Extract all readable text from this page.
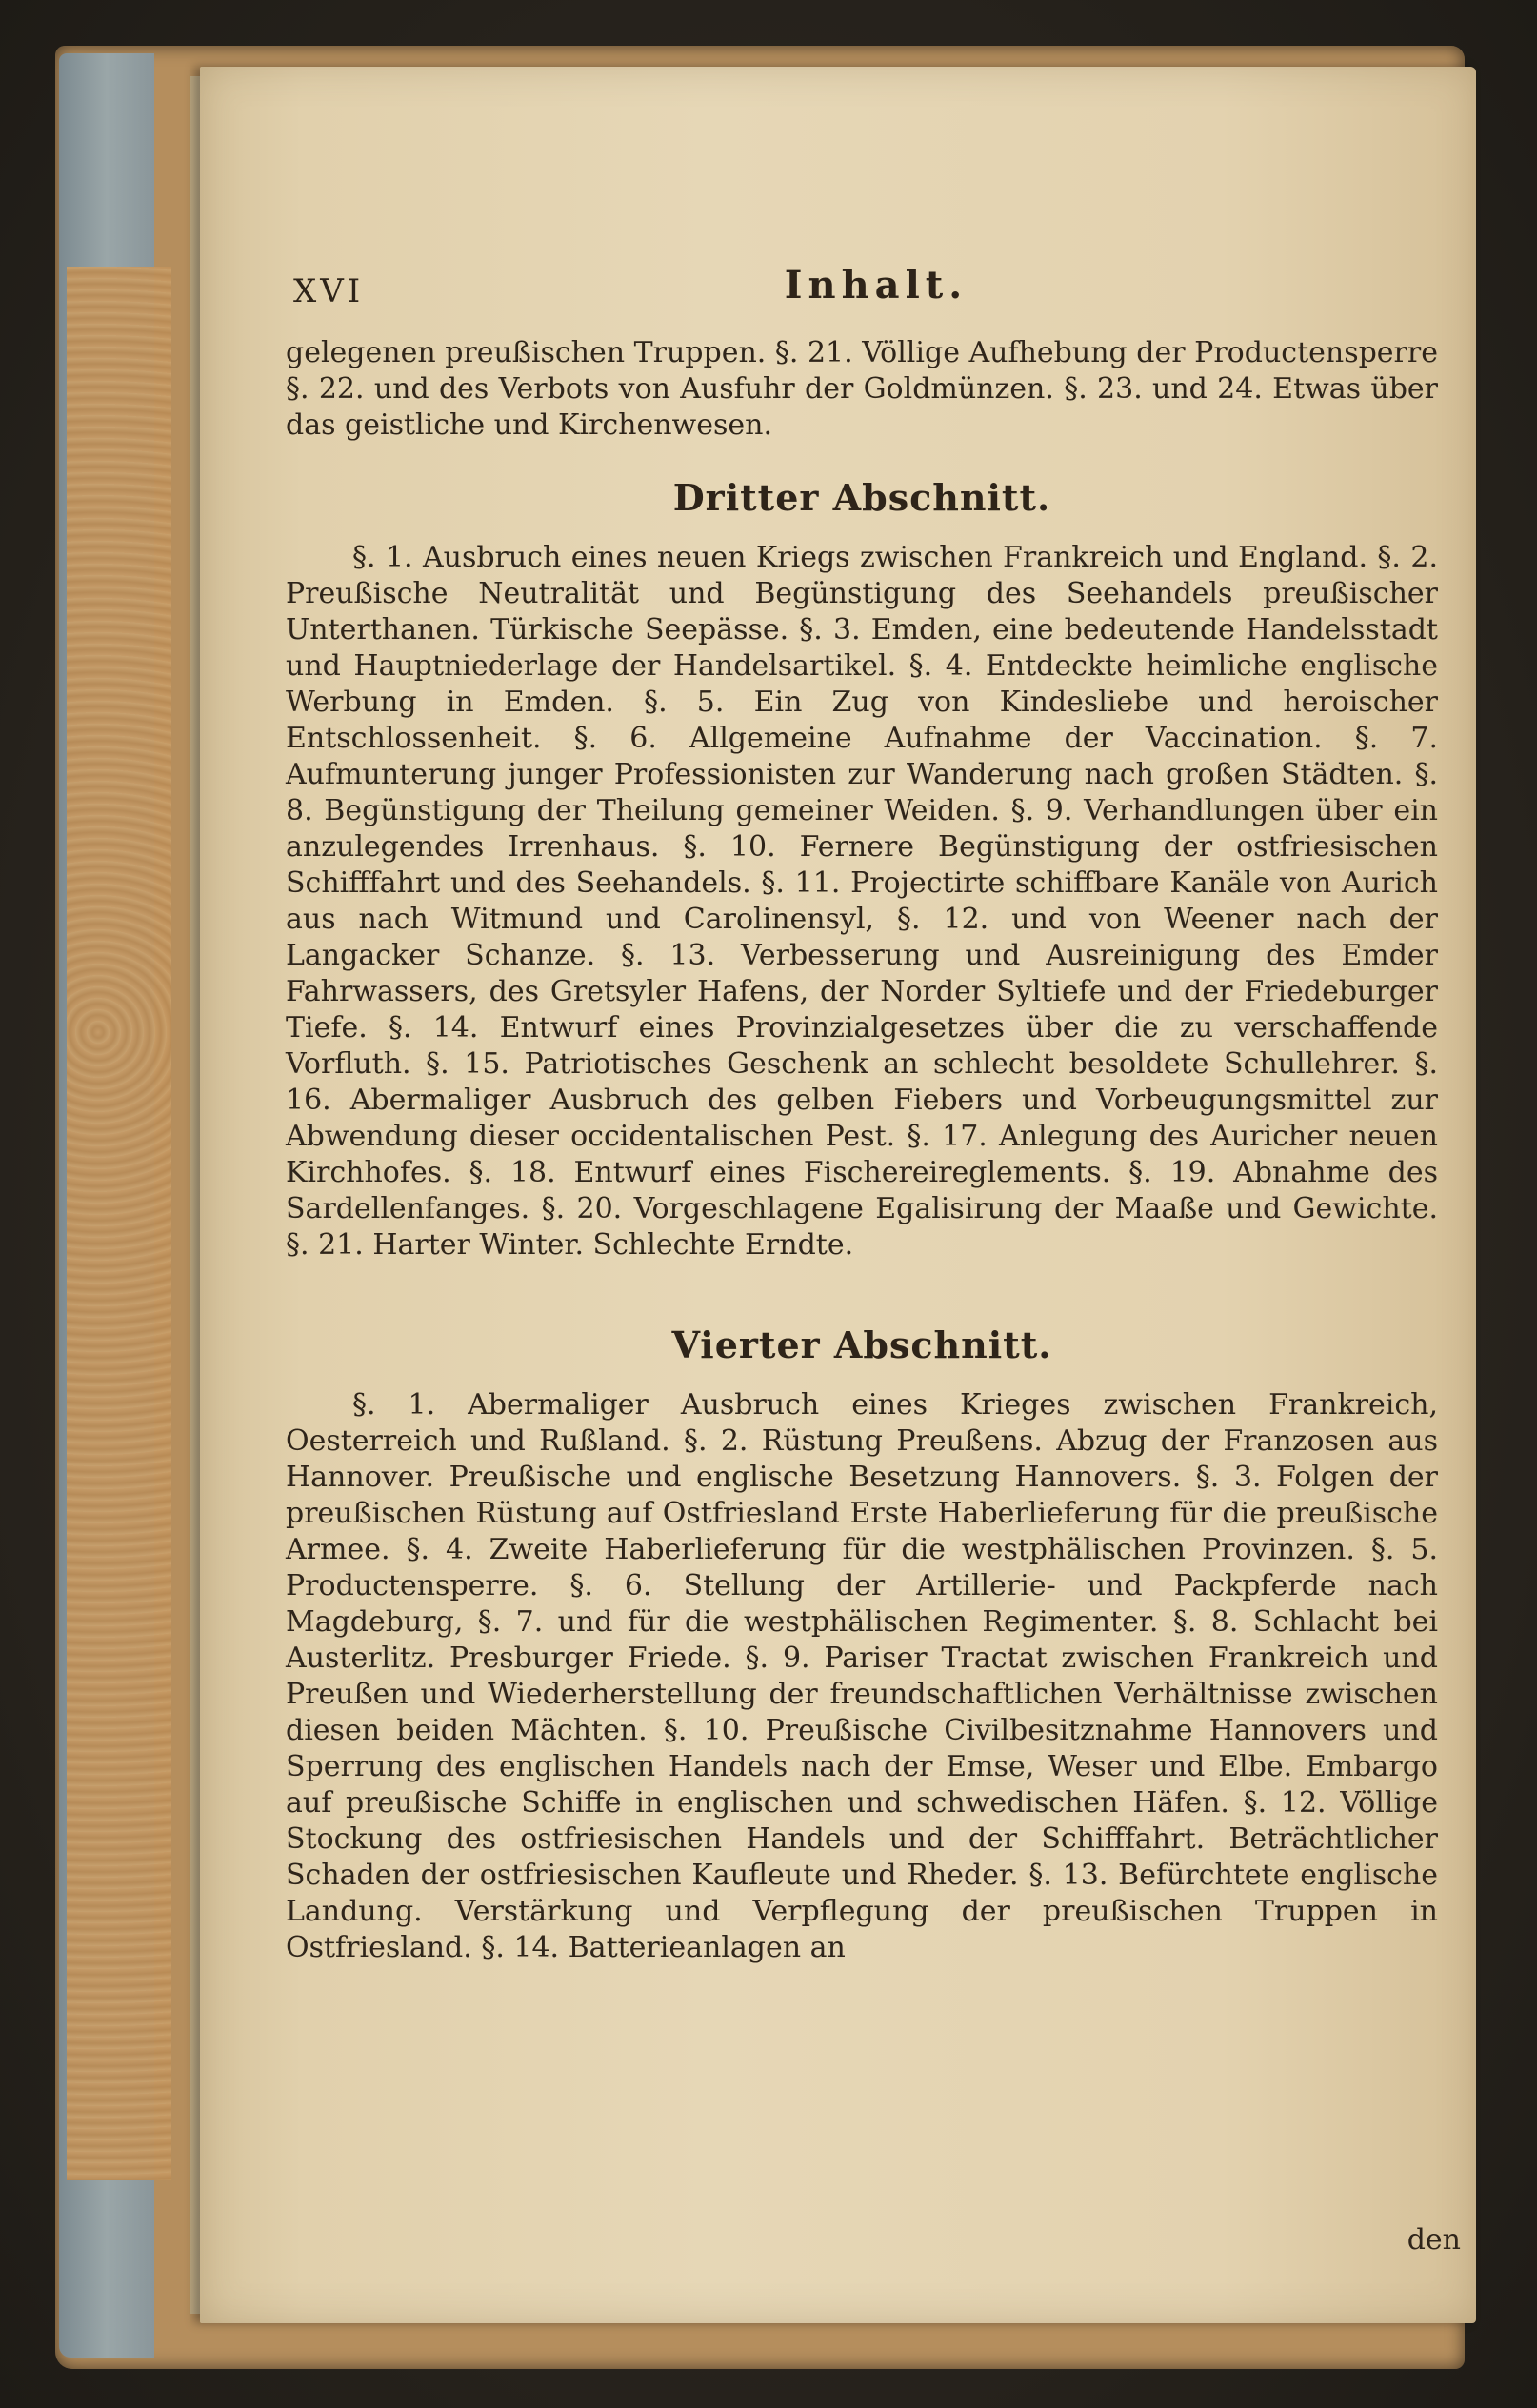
XVI	Inhalt.

gelegenen preußischen Truppen. §. 21. Völlige Aufhebung der Productensperre §. 22. und des Verbots von Ausfuhr der Goldmünzen. §. 23. und 24. Etwas über das geistliche und Kirchenwesen.

Dritter Abschnitt.

§. 1. Ausbruch eines neuen Kriegs zwischen Frankreich und England. §. 2. Preußische Neutralität und Begünstigung des Seehandels preußischer Unterthanen. Türkische Seepässe. §. 3. Emden, eine bedeutende Handelsstadt und Hauptniederlage der Handelsartikel. §. 4. Entdeckte heimliche englische Werbung in Emden. §. 5. Ein Zug von Kindesliebe und heroischer Entschlossenheit. §. 6. Allgemeine Aufnahme der Vaccination. §. 7. Aufmunterung junger Professionisten zur Wanderung nach großen Städten. §. 8. Begünstigung der Theilung gemeiner Weiden. §. 9. Verhandlungen über ein anzulegendes Irrenhaus. §. 10. Fernere Begünstigung der ostfriesischen Schifffahrt und des Seehandels. §. 11. Projectirte schiffbare Kanäle von Aurich aus nach Witmund und Carolinensyl, §. 12. und von Weener nach der Langacker Schanze. §. 13. Verbesserung und Ausreinigung des Emder Fahrwassers, des Gretsyler Hafens, der Norder Syltiefe und der Friedeburger Tiefe. §. 14. Entwurf eines Provinzialgesetzes über die zu verschaffende Vorfluth. §. 15. Patriotisches Geschenk an schlecht besoldete Schullehrer. §. 16. Abermaliger Ausbruch des gelben Fiebers und Vorbeugungsmittel zur Abwendung dieser occidentalischen Pest. §. 17. Anlegung des Auricher neuen Kirchhofes. §. 18. Entwurf eines Fischereireglements. §. 19. Abnahme des Sardellenfanges. §. 20. Vorgeschlagene Egalisirung der Maaße und Gewichte. §. 21. Harter Winter. Schlechte Erndte.

Vierter Abschnitt.

§. 1. Abermaliger Ausbruch eines Krieges zwischen Frankreich, Oesterreich und Rußland. §. 2. Rüstung Preußens. Abzug der Franzosen aus Hannover. Preußische und englische Besetzung Hannovers. §. 3. Folgen der preußischen Rüstung auf Ostfriesland Erste Haberlieferung für die preußische Armee. §. 4. Zweite Haberlieferung für die westphälischen Provinzen. §. 5. Productensperre. §. 6. Stellung der Artillerie- und Packpferde nach Magdeburg, §. 7. und für die westphälischen Regimenter. §. 8. Schlacht bei Austerlitz. Presburger Friede. §. 9. Pariser Tractat zwischen Frankreich und Preußen und Wiederherstellung der freundschaftlichen Verhältnisse zwischen diesen beiden Mächten. §. 10. Preußische Civilbesitznahme Hannovers und Sperrung des englischen Handels nach der Emse, Weser und Elbe. Embargo auf preußische Schiffe in englischen und schwedischen Häfen. §. 12. Völlige Stockung des ostfriesischen Handels und der Schifffahrt. Beträchtlicher Schaden der ostfriesischen Kaufleute und Rheder. §. 13. Befürchtete englische Landung. Verstärkung und Verpflegung der preußischen Truppen in Ostfriesland. §. 14. Batterieanlagen an

den
